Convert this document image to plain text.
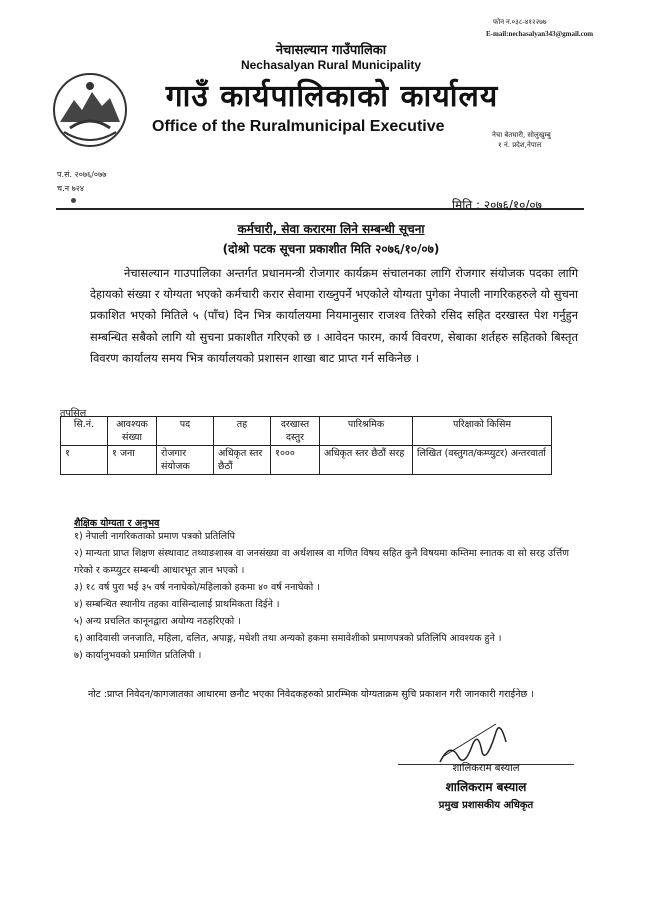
फोन न.०३८-४१२२७७
E-mail:nechasalyan343@gmail.com
नेचासल्यान गाउँपालिका
Nechasalyan Rural Municipality
गाउँ कार्यपालिकाको कार्यालय
Office of the Ruralmunicipal Executive	नेचा बेतघारी, सोलुखुम्बु
१ नं. प्रदेश,नेपाल
प.सं. २०७६/०७७
च.न ७२४
मिति : २०७६/१०/०७
कर्मचारी, सेवा करारमा लिने सम्बन्धी सूचना
(दोश्रो पटक सूचना प्रकाशीत मिति २०७६/१०/०७)
नेचासल्यान गाउपालिका अन्तर्गत प्रधानमन्त्री रोजगार कार्यक्रम संचालनका लागि रोजगार संयोजक पदका लागि देहायको संख्या र योग्यता भएको कर्मचारी करार सेवामा राख्नुपर्ने भएकोले योग्यता पुगेका नेपाली नागरिकहरुले यो सुचना प्रकाशित भएको मितिले ५ (पाँच) दिन भित्र कार्यालयमा नियमानुसार राजश्व तिरेको रसिद सहित दरखास्त पेश गर्नुहुन सम्बन्धित सबैको लागि यो सुचना प्रकाशीत गरिएको छ । आवेदन फारम, कार्य विवरण, सेबाका शर्तहरु सहितको बिस्तृत विवरण कार्यालय समय भित्र कार्यालयको प्रशासन शाखा बाट प्राप्त गर्न सकिनेछ ।
तपसिल
सि.नं.	आवश्यक संख्या	पद	तह	दरखास्त दस्तुर	पारिश्रमिक	परिक्षाको किसिम
१	१ जना	रोजगार संयोजक	अधिकृत स्तर छैठौं	१०००	अधिकृत स्तर छैठौं सरह	लिखित (वस्तुगत/कम्प्युटर) अन्तरवार्ता
शैक्षिक योग्यता र अनुभव
१) नेपाली नागरिकताको प्रमाण पत्रको प्रतिलिपि
२) मान्यता प्राप्त शिक्षण संस्थावाट तथ्याङशास्त्र वा जनसंख्या वा अर्थशास्त्र वा गणित विषय सहित कुनै विषयमा कम्तिमा स्नातक वा सो सरह उर्त्तिण गरेको र कम्प्युटर सम्बन्धी आधारभूत ज्ञान भएको ।
३) १८ वर्ष पुरा भई ३५ वर्ष ननाघेको/महिलाको हकमा ४० वर्ष ननाघेको ।
४) सम्बन्धित स्थानीय तहका वासिन्दालाई प्राथमिकता दिईने ।
५) अन्य प्रचलित कानूनद्वारा अयोग्य नठहरिएको ।
६) आदिवासी जनजाति, महिला, दलित, अपाङ्ग, मधेशी तथा अन्यको हकमा समावेशीको प्रमाणपत्रको प्रतिलिपि आवश्यक हुने ।
७) कार्यानुभवको प्रमाणित प्रतिलिपी ।
नोट :प्राप्त निवेदन/कागजातका आधारमा छनौट भएका निवेदकहरुको प्रारम्भिक योग्यताक्रम सुचि प्रकाशन गरी जानकारी गराईनेछ ।
शालिकराम बस्याल
शालिकराम बस्याल
प्रमुख प्रशासकीय अधिकृत
